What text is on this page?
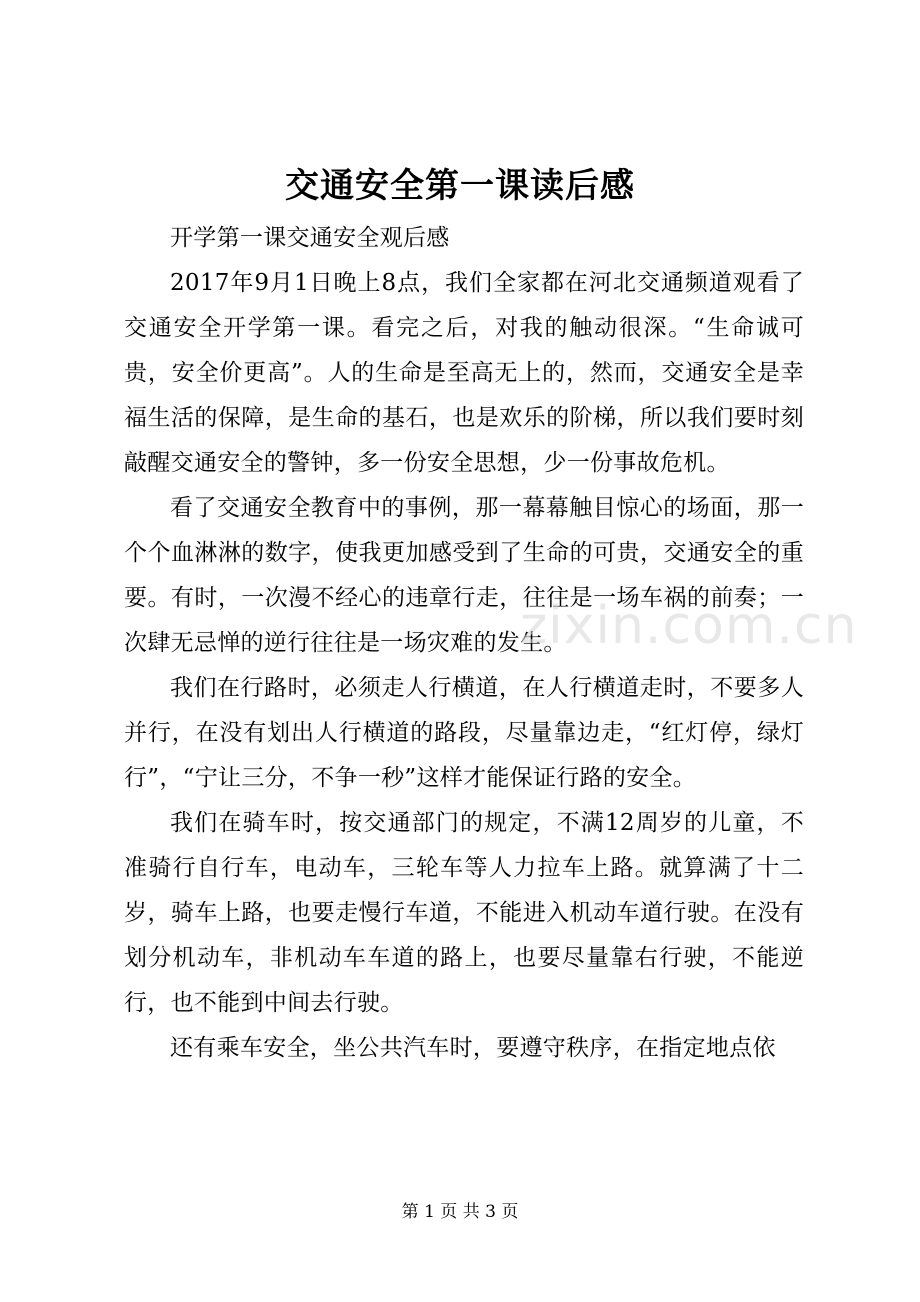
交通安全第一课读后感

开学第一课交通安全观后感

2017年9月1日晚上8点，我们全家都在河北交通频道观看了交通安全开学第一课。看完之后，对我的触动很深。“生命诚可贵，安全价更高”。人的生命是至高无上的，然而，交通安全是幸福生活的保障，是生命的基石，也是欢乐的阶梯，所以我们要时刻敲醒交通安全的警钟，多一份安全思想，少一份事故危机。

看了交通安全教育中的事例，那一幕幕触目惊心的场面，那一个个血淋淋的数字，使我更加感受到了生命的可贵，交通安全的重要。有时，一次漫不经心的违章行走，往往是一场车祸的前奏；一次肆无忌惮的逆行往往是一场灾难的发生。

我们在行路时，必须走人行横道，在人行横道走时，不要多人并行，在没有划出人行横道的路段，尽量靠边走，“红灯停，绿灯行”，“宁让三分，不争一秒”这样才能保证行路的安全。

我们在骑车时，按交通部门的规定，不满12周岁的儿童，不准骑行自行车，电动车，三轮车等人力拉车上路。就算满了十二岁，骑车上路，也要走慢行车道，不能进入机动车道行驶。在没有划分机动车，非机动车车道的路上，也要尽量靠右行驶，不能逆行，也不能到中间去行驶。

还有乘车安全，坐公共汽车时，要遵守秩序，在指定地点依

zixin.com.cn
第 1 页 共 3 页
